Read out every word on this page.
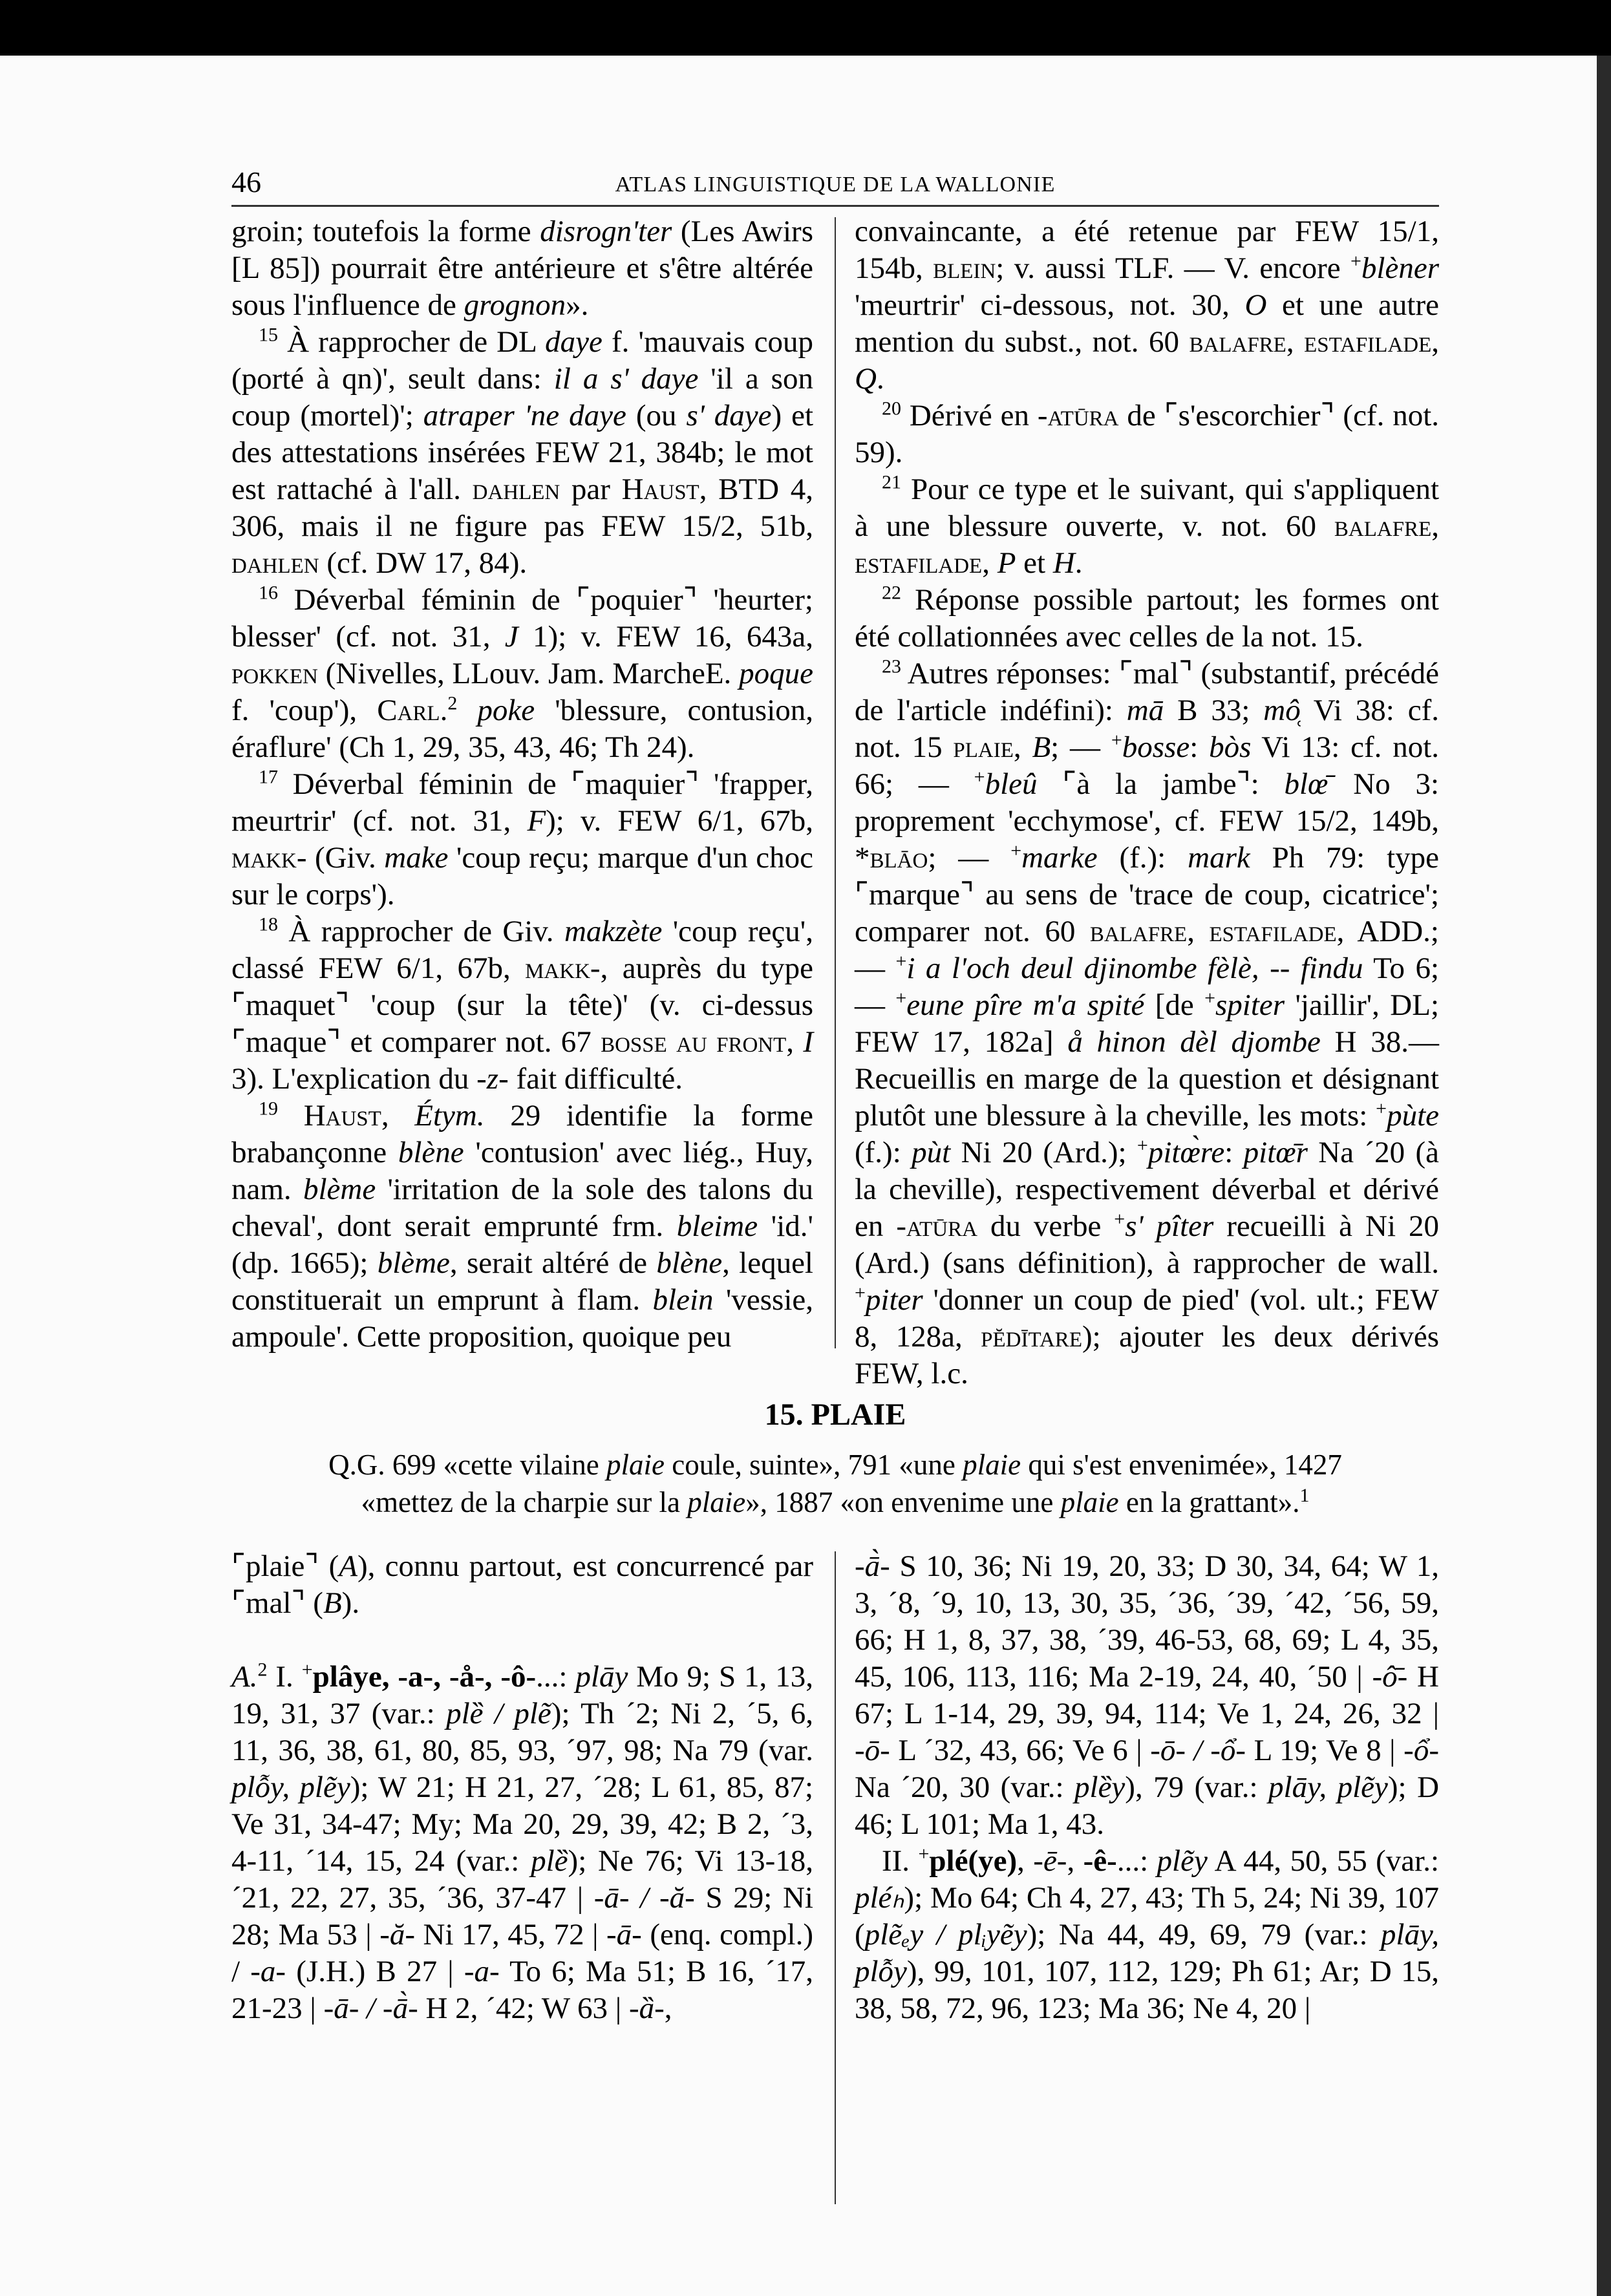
46	ATLAS LINGUISTIQUE DE LA WALLONIE

groin; toutefois la forme disrogn'ter (Les Awirs [L 85]) pourrait être antérieure et s'être altérée sous l'influence de grognon».

$^{15}$ À rapprocher de DL daye f. 'mauvais coup (porté à qn)', seult dans: il a s' daye 'il a son coup (mortel)'; atraper 'ne daye (ou s' daye) et des attestations insérées FEW 21, 384b; le mot est rattaché à l'all. dahlen par Haust, BTD 4, 306, mais il ne figure pas FEW 15/2, 51b, dahlen (cf. DW 17, 84).

$^{16}$ Déverbal féminin de ⌜poquier⌝ 'heurter; blesser' (cf. not. 31, J 1); v. FEW 16, 643a, pokken (Nivelles, LLouv. Jam. MarcheE. poque f. 'coup'), Carl.$^2$ poke 'blessure, contusion, éraflure' (Ch 1, 29, 35, 43, 46; Th 24).

$^{17}$ Déverbal féminin de ⌜maquier⌝ 'frapper, meurtrir' (cf. not. 31, F); v. FEW 6/1, 67b, makk- (Giv. make 'coup reçu; marque d'un choc sur le corps').

$^{18}$ À rapprocher de Giv. makzète 'coup reçu', classé FEW 6/1, 67b, makk-, auprès du type ⌜maquet⌝ 'coup (sur la tête)' (v. ci-dessus ⌜maque⌝ et comparer not. 67 bosse au front, I 3). L'explication du -z- fait difficulté.

$^{19}$ Haust, Étym. 29 identifie la forme brabançonne blène 'contusion' avec liég., Huy, nam. blème 'irritation de la sole des talons du cheval', dont serait emprunté frm. bleime 'id.' (dp. 1665); blème, serait altéré de blène, lequel constituerait un emprunt à flam. blein 'vessie, ampoule'. Cette proposition, quoique peu

convaincante, a été retenue par FEW 15/1, 154b, blein; v. aussi TLF. — V. encore +blèner 'meurtrir' ci-dessous, not. 30, O et une autre mention du subst., not. 60 balafre, estafilade, Q.

$^{20}$ Dérivé en -atūra de ⌜s'escorchier⌝ (cf. not. 59).

$^{21}$ Pour ce type et le suivant, qui s'appliquent à une blessure ouverte, v. not. 60 balafre, estafilade, P et H.

$^{22}$ Réponse possible partout; les formes ont été collationnées avec celles de la not. 15.

$^{23}$ Autres réponses: ⌜mal⌝ (substantif, précédé de l'article indéfini): mā B 33; mô̜ Vi 38: cf. not. 15 plaie, B; — +bosse: bòs Vi 13: cf. not. 66; — +bleû ⌜à la jambe⌝: blœ̄ No 3: proprement 'ecchymose', cf. FEW 15/2, 149b, *blāo; — +marke (f.): mark Ph 79: type ⌜marque⌝ au sens de 'trace de coup, cicatrice'; comparer not. 60 balafre, estafilade, ADD.; — +i a l'och deul djinombe fèlè, -- findu To 6; — +eune pîre m'a spité [de +spiter 'jaillir', DL; FEW 17, 182a] å hinon dèl djombe H 38.— Recueillis en marge de la question et désignant plutôt une blessure à la cheville, les mots: +pùte (f.): pùt Ni 20 (Ard.); +pitœ̀re: pitœ̄r Na ´20 (à la cheville), respectivement déverbal et dérivé en -atūra du verbe +s' pîter recueilli à Ni 20 (Ard.) (sans définition), à rapprocher de wall. +piter 'donner un coup de pied' (vol. ult.; FEW 8, 128a, pĕdītare); ajouter les deux dérivés FEW, l.c.

15. PLAIE

Q.G. 699 «cette vilaine plaie coule, suinte», 791 «une plaie qui s'est envenimée», 1427

«mettez de la charpie sur la plaie», 1887 «on envenime une plaie en la grattant».$^1$

⌜plaie⌝ (A), connu partout, est concurrencé par ⌜mal⌝ (B).

A.$^2$ I. +plâye, -a-, -å-, -ô-...: plāy Mo 9; S 1, 13, 19, 31, 37 (var.: plȅ / plẽ); Th ´2; Ni 2, ´5, 6, 11, 36, 38, 61, 80, 85, 93, ´97, 98; Na 79 (var. plỗy, plẽy); W 21; H 21, 27, ´28; L 61, 85, 87; Ve 31, 34-47; My; Ma 20, 29, 39, 42; B 2, ´3, 4-11, ´14, 15, 24 (var.: plȅ); Ne 76; Vi 13-18, ´21, 22, 27, 35, ´36, 37-47 | -ā- / -ă- S 29; Ni 28; Ma 53 | -ă- Ni 17, 45, 72 | -ā- (enq. compl.) / -a- (J.H.) B 27 | -a- To 6; Ma 51; B 16, ´17, 21-23 | -ā- / -ā̀- H 2, ´42; W 63 | -ȁ-,

-ā̀- S 10, 36; Ni 19, 20, 33; D 30, 34, 64; W 1, 3, ´8, ´9, 10, 13, 30, 35, ´36, ´39, ´42, ´56, 59, 66; H 1, 8, 37, 38, ´39, 46-53, 68, 69; L 4, 35, 45, 106, 113, 116; Ma 2-19, 24, 40, ´50 | -ô̄- H 67; L 1-14, 29, 39, 94, 114; Ve 1, 24, 26, 32 | -ō- L ´32, 43, 66; Ve 6 | -ō- / -ổ- L 19; Ve 8 | -ổ- Na ´20, 30 (var.: plȅy), 79 (var.: plāy, plẽy); D 46; L 101; Ma 1, 43.

II. +plé(ye), -ē-, -ê-...: plẽy A 44, 50, 55 (var.: pléₕ); Mo 64; Ch 4, 27, 43; Th 5, 24; Ni 39, 107 (plẽₑy / plᵢyẽy); Na 44, 49, 69, 79 (var.: plāy, plỗy), 99, 101, 107, 112, 129; Ph 61; Ar; D 15, 38, 58, 72, 96, 123; Ma 36; Ne 4, 20 |
